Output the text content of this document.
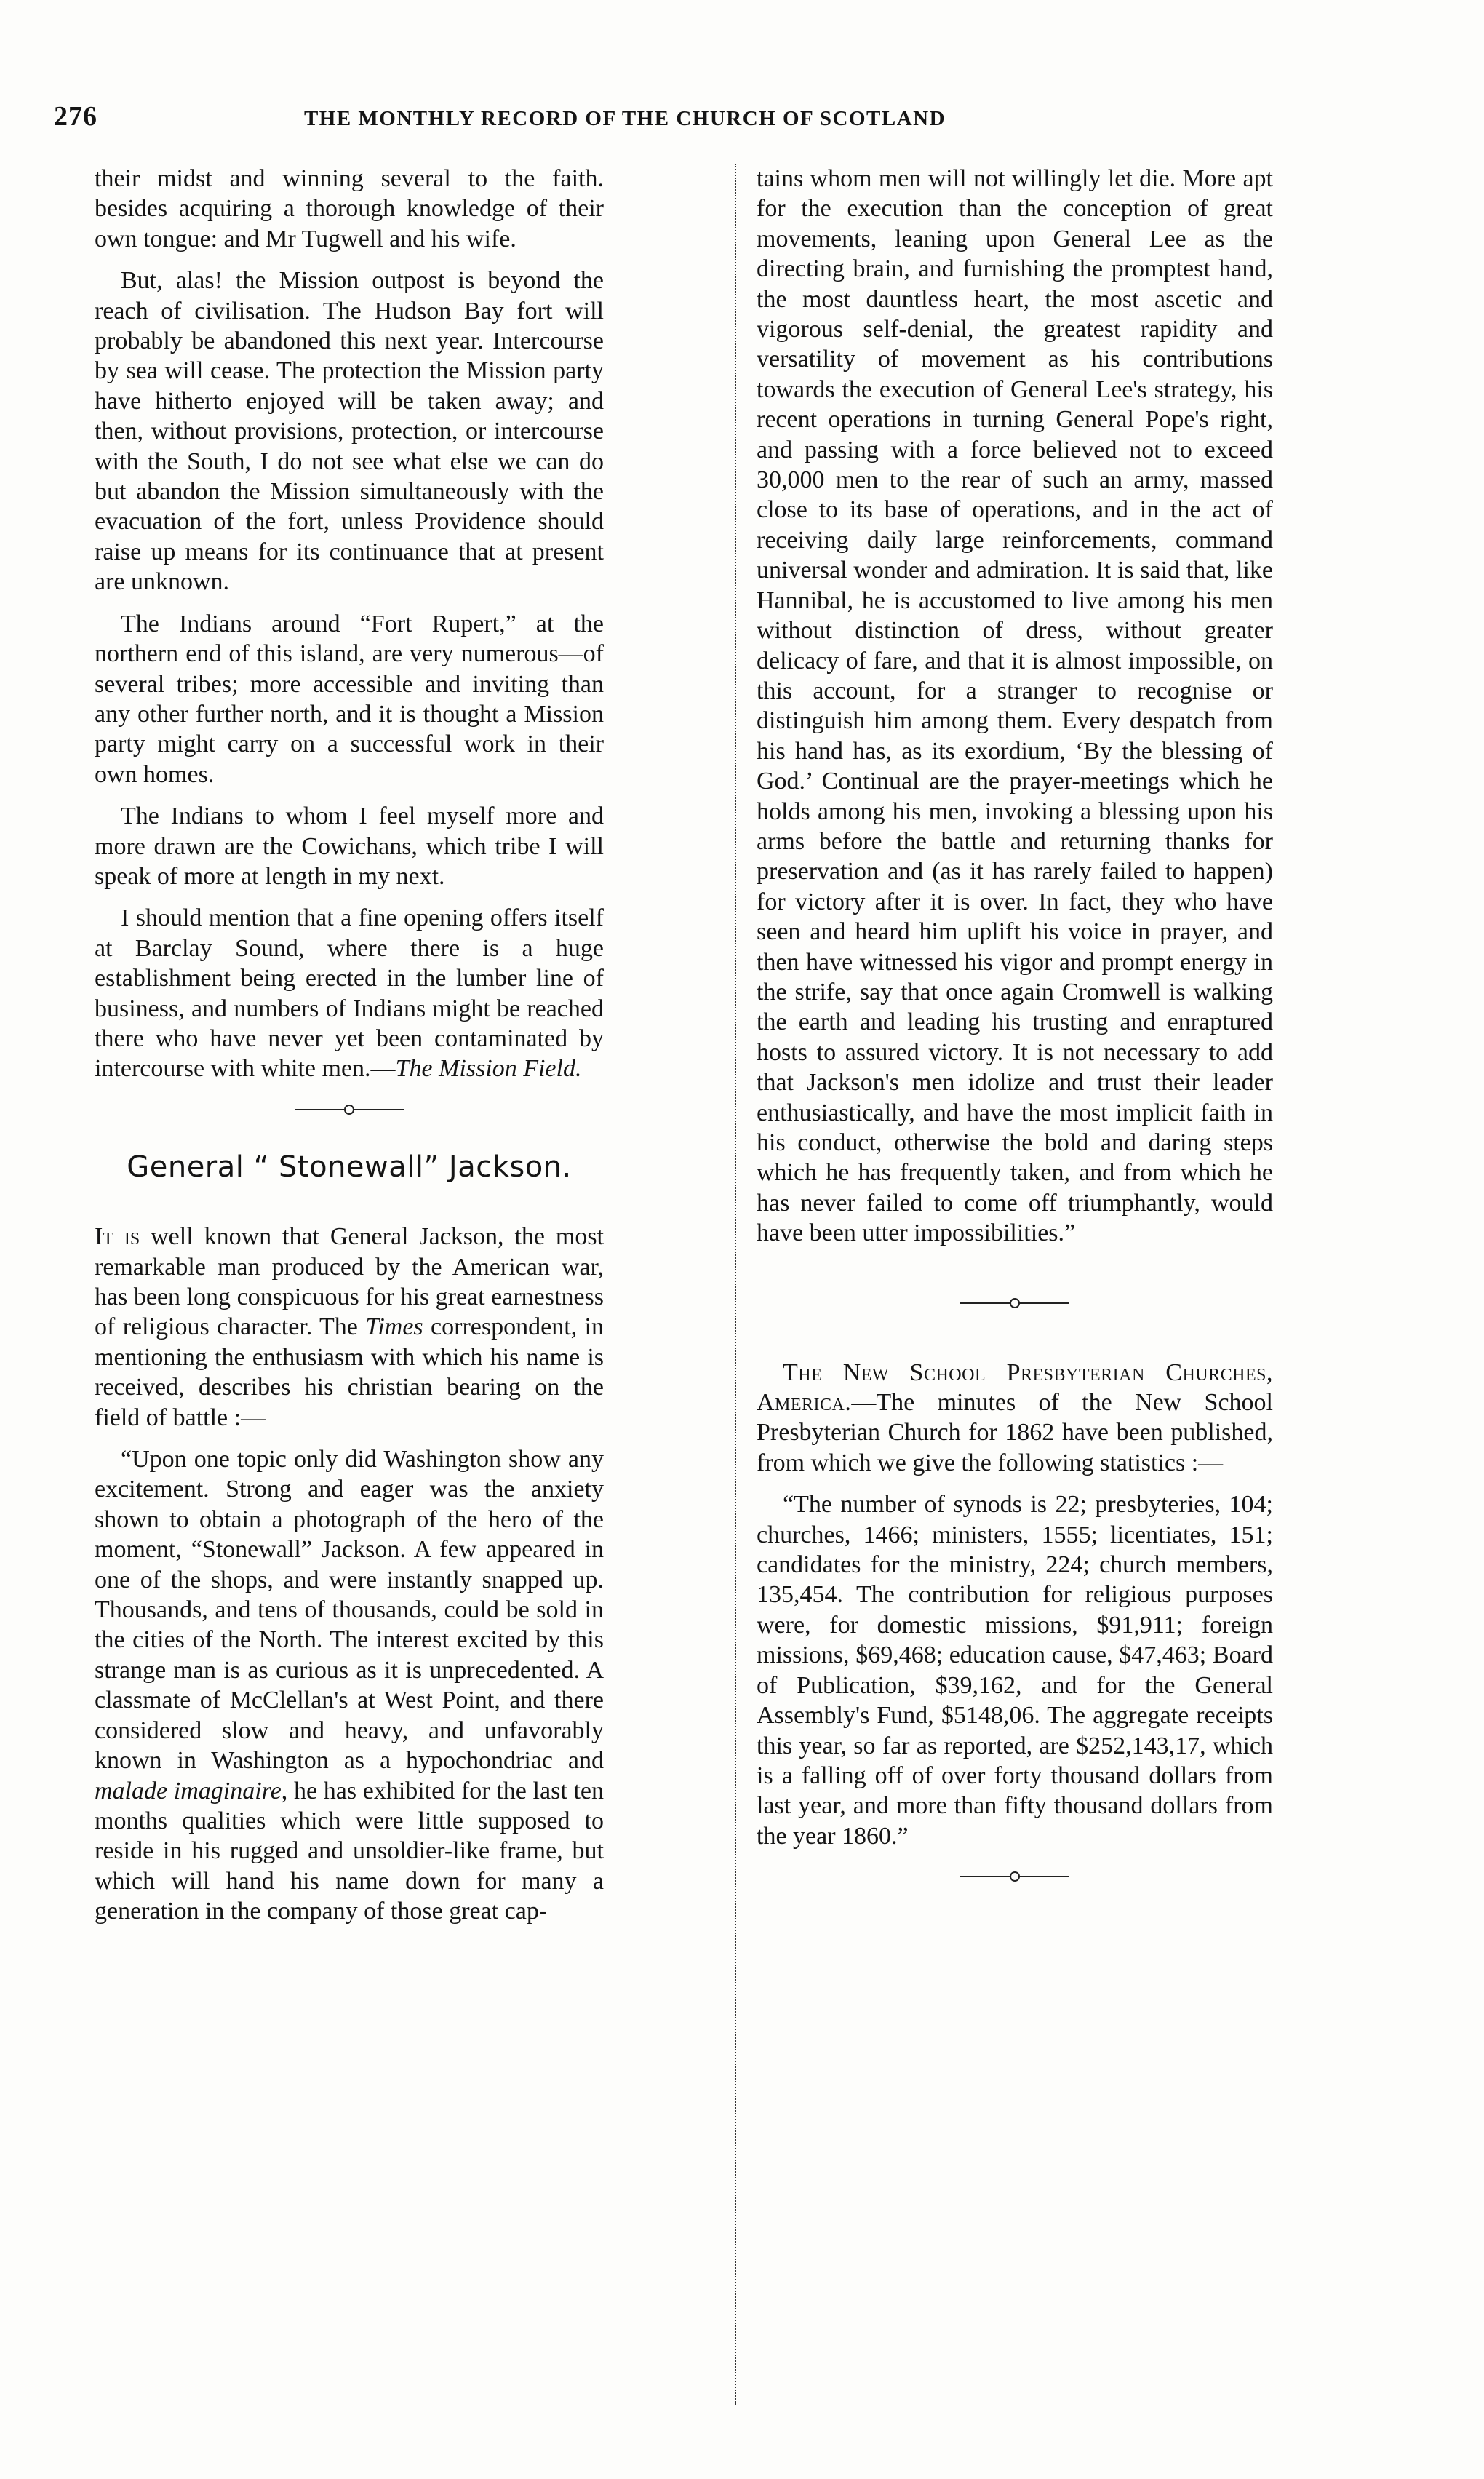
276	THE MONTHLY RECORD OF THE CHURCH OF SCOTLAND

their midst and winning several to the faith. besides acquiring a thorough knowledge of their own tongue: and Mr Tugwell and his wife.

But, alas! the Mission outpost is beyond the reach of civilisation. The Hudson Bay fort will probably be abandoned this next year. Intercourse by sea will cease. The protection the Mission party have hitherto enjoyed will be taken away; and then, without provisions, protection, or intercourse with the South, I do not see what else we can do but abandon the Mission simultaneously with the evacuation of the fort, unless Providence should raise up means for its continuance that at present are unknown.

The Indians around “Fort Rupert,” at the northern end of this island, are very numerous—of several tribes; more accessible and inviting than any other further north, and it is thought a Mission party might carry on a successful work in their own homes.

The Indians to whom I feel myself more and more drawn are the Cowichans, which tribe I will speak of more at length in my next.

I should mention that a fine opening offers itself at Barclay Sound, where there is a huge establishment being erected in the lumber line of business, and numbers of Indians might be reached there who have never yet been contaminated by intercourse with white men.—The Mission Field.

General “ Stonewall” Jackson.

It is well known that General Jackson, the most remarkable man produced by the American war, has been long conspicuous for his great earnestness of religious character. The Times correspondent, in mentioning the enthusiasm with which his name is received, describes his christian bearing on the field of battle :—

“Upon one topic only did Washington show any excitement. Strong and eager was the anxiety shown to obtain a photograph of the hero of the moment, “Stonewall” Jackson. A few appeared in one of the shops, and were instantly snapped up. Thousands, and tens of thousands, could be sold in the cities of the North. The interest excited by this strange man is as curious as it is unprecedented. A classmate of McClellan's at West Point, and there considered slow and heavy, and unfavorably known in Washington as a hypochondriac and malade imaginaire, he has exhibited for the last ten months qualities which were little supposed to reside in his rugged and unsoldier-like frame, but which will hand his name down for many a generation in the company of those great cap-

tains whom men will not willingly let die. More apt for the execution than the conception of great movements, leaning upon General Lee as the directing brain, and furnishing the promptest hand, the most dauntless heart, the most ascetic and vigorous self-denial, the greatest rapidity and versatility of movement as his contributions towards the execution of General Lee's strategy, his recent operations in turning General Pope's right, and passing with a force believed not to exceed 30,000 men to the rear of such an army, massed close to its base of operations, and in the act of receiving daily large reinforcements, command universal wonder and admiration. It is said that, like Hannibal, he is accustomed to live among his men without distinction of dress, without greater delicacy of fare, and that it is almost impossible, on this account, for a stranger to recognise or distinguish him among them. Every despatch from his hand has, as its exordium, ‘By the blessing of God.’ Continual are the prayer-meetings which he holds among his men, invoking a blessing upon his arms before the battle and returning thanks for preservation and (as it has rarely failed to happen) for victory after it is over. In fact, they who have seen and heard him uplift his voice in prayer, and then have witnessed his vigor and prompt energy in the strife, say that once again Cromwell is walking the earth and leading his trusting and enraptured hosts to assured victory. It is not necessary to add that Jackson's men idolize and trust their leader enthusiastically, and have the most implicit faith in his conduct, otherwise the bold and daring steps which he has frequently taken, and from which he has never failed to come off triumphantly, would have been utter impossibilities.”

The New School Presbyterian Churches, America.—The minutes of the New School Presbyterian Church for 1862 have been published, from which we give the following statistics :—

“The number of synods is 22; presbyteries, 104; churches, 1466; ministers, 1555; licentiates, 151; candidates for the ministry, 224; church members, 135,454. The contribution for religious purposes were, for domestic missions, $91,911; foreign missions, $69,468; education cause, $47,463; Board of Publication, $39,162, and for the General Assembly's Fund, $5148,06. The aggregate receipts this year, so far as reported, are $252,143,17, which is a falling off of over forty thousand dollars from last year, and more than fifty thousand dollars from the year 1860.”
